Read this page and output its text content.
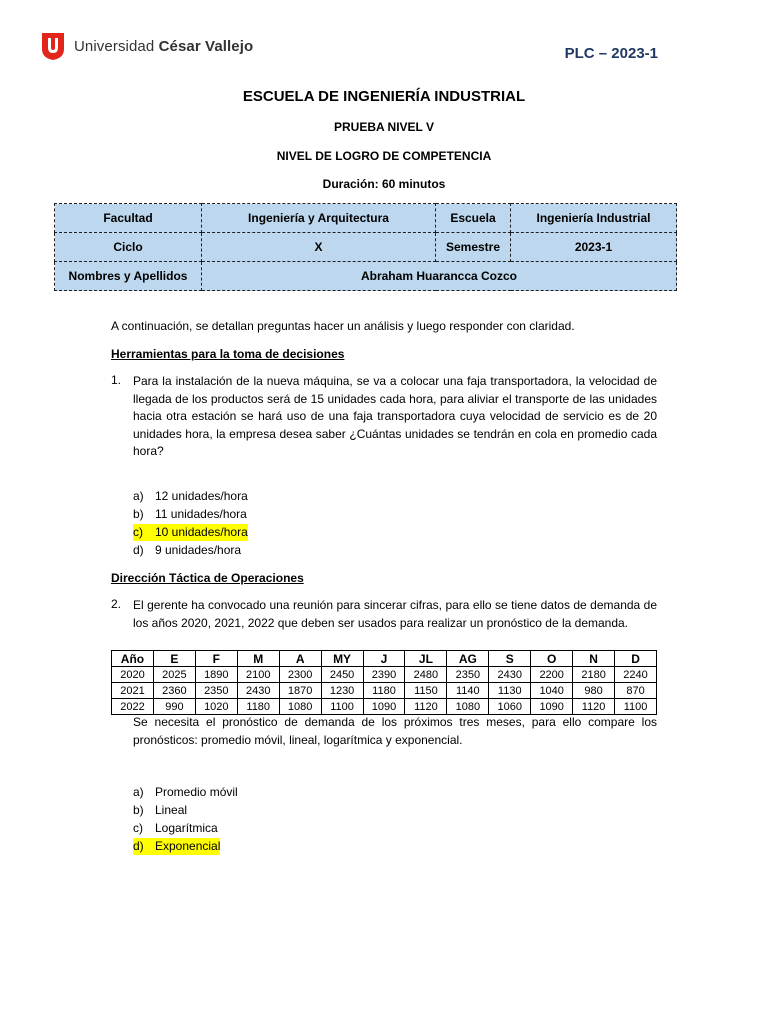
Universidad César Vallejo	PLC – 2023-1
ESCUELA DE INGENIERÍA INDUSTRIAL
PRUEBA NIVEL V
NIVEL DE LOGRO DE COMPETENCIA
Duración: 60 minutos
Facultad	Ingeniería y Arquitectura	Escuela	Ingeniería Industrial
Ciclo	X	Semestre	2023-1
Nombres y Apellidos	Abraham Huarancca Cozco		
A continuación, se detallan preguntas hacer un análisis y luego responder con claridad.
Herramientas para la toma de decisiones
1. Para la instalación de la nueva máquina, se va a colocar una faja transportadora, la velocidad de llegada de los productos será de 15 unidades cada hora, para aliviar el transporte de las unidades hacia otra estación se hará uso de una faja transportadora cuya velocidad de servicio es de 20 unidades hora, la empresa desea saber ¿Cuántas unidades se tendrán en cola en promedio cada hora?
a) 12 unidades/hora
b) 11 unidades/hora
c) 10 unidades/hora
d) 9 unidades/hora
Dirección Táctica de Operaciones
2. El gerente ha convocado una reunión para sincerar cifras, para ello se tiene datos de demanda de los años 2020, 2021, 2022 que deben ser usados para realizar un pronóstico de la demanda.
Año	E	F	M	A	MY	J	JL	AG	S	O	N	D
2020	2025	1890	2100	2300	2450	2390	2480	2350	2430	2200	2180	2240
2021	2360	2350	2430	1870	1230	1180	1150	1140	1130	1040	980	870
2022	990	1020	1180	1080	1100	1090	1120	1080	1060	1090	1120	1100
Se necesita el pronóstico de demanda de los próximos tres meses, para ello compare los pronósticos: promedio móvil, lineal, logarítmica y exponencial.
a) Promedio móvil
b) Lineal
c) Logarítmica
d) Exponencial
